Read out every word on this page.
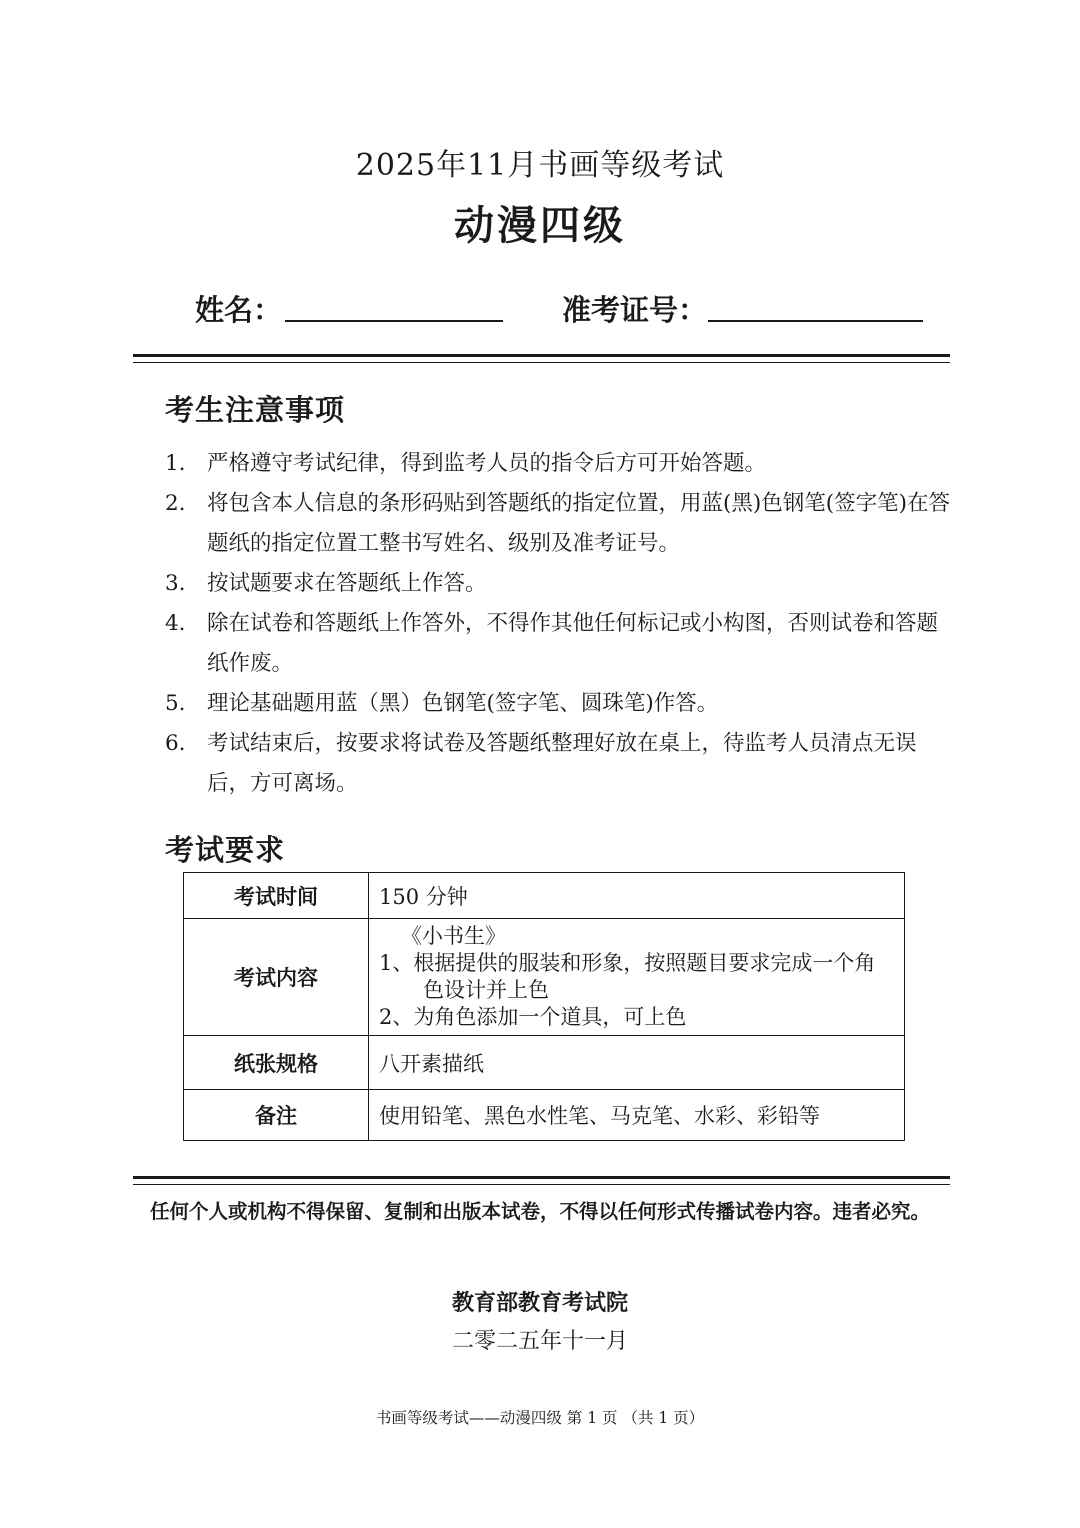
2025年11月书画等级考试
动漫四级
姓名：	准考证号：
考生注意事项
1. 严格遵守考试纪律，得到监考人员的指令后方可开始答题。
2. 将包含本人信息的条形码贴到答题纸的指定位置，用蓝(黑)色钢笔(签字笔)在答题纸的指定位置工整书写姓名、级别及准考证号。
3. 按试题要求在答题纸上作答。
4. 除在试卷和答题纸上作答外，不得作其他任何标记或小构图，否则试卷和答题纸作废。
5. 理论基础题用蓝（黑）色钢笔(签字笔、圆珠笔)作答。
6. 考试结束后，按要求将试卷及答题纸整理好放在桌上，待监考人员清点无误后，方可离场。
考试要求
考试时间	150 分钟
考试内容	《小书生》
1、根据提供的服装和形象，按照题目要求完成一个角
色设计并上色
2、为角色添加一个道具，可上色

纸张规格	八开素描纸
备注	使用铅笔、黑色水性笔、马克笔、水彩、彩铅等
任何个人或机构不得保留、复制和出版本试卷，不得以任何形式传播试卷内容。违者必究。
教育部教育考试院
二零二五年十一月
书画等级考试——动漫四级 第 1 页 （共 1 页）
